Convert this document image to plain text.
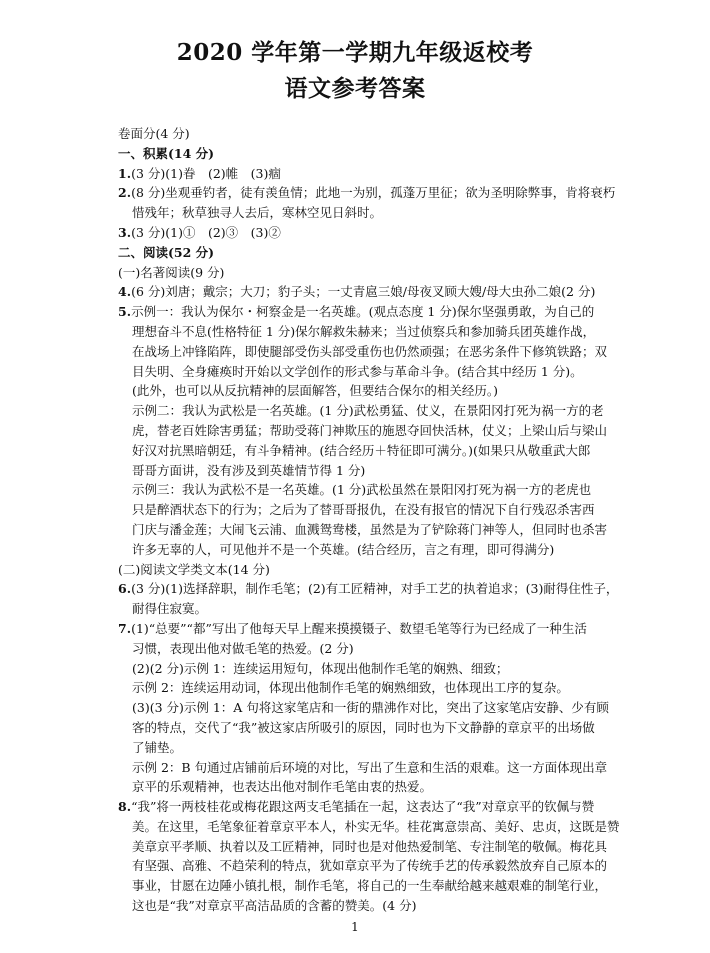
2020 学年第一学期九年级返校考
语文参考答案
卷面分(4 分)
一、积累(14 分)
1.(3 分)(1)眷　(2)帷　(3)痼
2.(8 分)坐观垂钓者，徒有羡鱼情；此地一为别，孤蓬万里征；欲为圣明除弊事，肯将衰朽
惜残年；秋草独寻人去后，寒林空见日斜时。
3.(3 分)(1)①　(2)③　(3)②
二、阅读(52 分)
(一)名著阅读(9 分)
4.(6 分)刘唐；戴宗；大刀；豹子头；一丈青扈三娘/母夜叉顾大嫂/母大虫孙二娘(2 分)
5.示例一：我认为保尔・柯察金是一名英雄。(观点态度 1 分)保尔坚强勇敢，为自己的
理想奋斗不息(性格特征 1 分)保尔解救朱赫来；当过侦察兵和参加骑兵团英雄作战，
在战场上冲锋陷阵，即使腿部受伤头部受重伤也仍然顽强；在恶劣条件下修筑铁路；双
目失明、全身瘫痪时开始以文学创作的形式参与革命斗争。(结合其中经历 1 分)。
(此外，也可以从反抗精神的层面解答，但要结合保尔的相关经历。)
示例二：我认为武松是一名英雄。(1 分)武松勇猛、仗义，在景阳冈打死为祸一方的老
虎，替老百姓除害勇猛；帮助受蒋门神欺压的施恩夺回快活林，仗义；上梁山后与梁山
好汉对抗黑暗朝廷，有斗争精神。(结合经历＋特征即可满分。)(如果只从敬重武大郎
哥哥方面讲，没有涉及到英雄情节得 1 分)
示例三：我认为武松不是一名英雄。(1 分)武松虽然在景阳冈打死为祸一方的老虎也
只是醉酒状态下的行为；之后为了替哥哥报仇，在没有报官的情况下自行残忍杀害西
门庆与潘金莲；大闹飞云浦、血溅鸳鸯楼，虽然是为了铲除蒋门神等人，但同时也杀害
许多无辜的人，可见他并不是一个英雄。(结合经历，言之有理，即可得满分)
(二)阅读文学类文本(14 分)
6.(3 分)(1)选择辞职，制作毛笔；(2)有工匠精神，对手工艺的执着追求；(3)耐得住性子，
耐得住寂寞。
7.(1)“总要”“都”写出了他每天早上醒来摸摸镊子、数望毛笔等行为已经成了一种生活
习惯，表现出他对做毛笔的热爱。(2 分)
(2)(2 分)示例 1：连续运用短句，体现出他制作毛笔的娴熟、细致；
示例 2：连续运用动词，体现出他制作毛笔的娴熟细致，也体现出工序的复杂。
(3)(3 分)示例 1：A 句将这家笔店和一街的鼎沸作对比，突出了这家笔店安静、少有顾
客的特点，交代了“我”被这家店所吸引的原因，同时也为下文静静的章京平的出场做
了铺垫。
示例 2：B 句通过店铺前后环境的对比，写出了生意和生活的艰难。这一方面体现出章
京平的乐观精神，也表达出他对制作毛笔由衷的热爱。
8.“我”将一两枝桂花或梅花跟这两支毛笔插在一起，这表达了“我”对章京平的钦佩与赞
美。在这里，毛笔象征着章京平本人，朴实无华。桂花寓意崇高、美好、忠贞，这既是赞
美章京平孝顺、执着以及工匠精神，同时也是对他热爱制笔、专注制笔的敬佩。梅花具
有坚强、高雅、不趋荣利的特点，犹如章京平为了传统手艺的传承毅然放弃自己原本的
事业，甘愿在边陲小镇扎根，制作毛笔，将自己的一生奉献给越来越艰难的制笔行业，
这也是“我”对章京平高洁品质的含蓄的赞美。(4 分)
1
